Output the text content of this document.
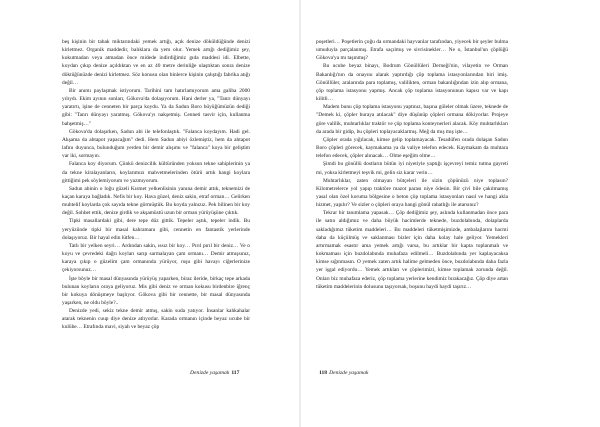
beş kişinin bir tabak miktarındaki yemek artığı, açık denize döküldüğünde denizi kirletmez. Organik maddedir, balıklara da yem olur. Yemek artığı dediğimiz şey, kokutmadan veya atmadan önce midede indirdiğimiz gıda maddesi idi. Elbette, koydan çıkıp denize açıldıktan ve en az 40 metre derinliğe ulaştıktan sonra denize döktüğünüzde denizi kirletmez. Söz konusu olan binlerce kişinin çalıştığı fabrika atığı değil…

Bir anımı paylaşmak istiyorum. Tarihini tam hatırlamıyorum ama galiba 2000 yılıydı. Ekim ayının sonları, Gökova'da dolaşıyorum. Hani derler ya, "Tanrı dünyayı yaratırtı, işine de cenneten bir parça koydu. Ya da Sadun Boro büyüğümüzün dediği gibi: "Tanrı dünyayı yaratmış. Gökova'yı nakşetmiş. Cenneti tasvir için, kullanma bahşetmiş…"

Gökova'da dolaşırken, Sadun abi ile telefonlaştık. "Falanca koydayım. Hadi gel. Akşama da abtapot yapacağım" dedi. Hem Sadun abiyi özlemiştiz, hem da ahtapot lafını duyunca, bulunduğum yerden bir demir alışımı ve "falanca" koya bir geliştim var iki, sormayın.

Falanca koy diyorum. Çünkü denizcilik kültüründen yoksun tekne sahiplerinin ya da tekne kiralayanların, koylarımızı mahvetmelerinden ötürü artık hangi koylara gittiğimi pek söylemiyorum ve yazmıyorum.

Sadun abinin o loğu güzeli Kısmet yelkenlisinin yanına demir attık, teknemizi de kaçan karaya bağladık. Nefis bir koy. Hava güzel, deniz sakin, etraf orman… Gelirken muhtelif koylarda çok sayıda tekne görmüştük. Bu koyda yalnızız. Pek bilinen bir koy değil. Sohbet ettik, denize girdik ve akşamüstü uzun bir orman yürüyüşüne çıktık.

Tipki masallardaki gibi, dere tepe düz gittik. Tepeler aştık, tepeler indik. Bu yeryüzünde tipki bir masal kahramanı gibi, cennetin en fantastik yerlerinde dolaşıyoruz. Bir hayal edin lütfen…

Tatlı bir yelken seyri… Ardından sakin, ıssız bir koy… Pırıl pırıl bir deniz… Ve o koyu ve çevredeki dağrı koyları sarıp sarmalayan çam ormanı… Demir atmışsınız, karaya çıkıp o güzelim çam ormanında yürüyor, ruşu gibi havayı ciğerlerinize çekiyorsunuz…

İşte böyle bir masal dünyasında yürüyüş yaparken, biraz ileride, birkaç tepe arkada bulunan koyların oraya geliyoruz. Mis gibi deniz ve orman kokusu birdenbire iğrenç bir kokuya dönüşmeye başlıyor. Gökova gibi bir cennette, bir masal dünyasında yaşarken, ne oldu böyle?..

Denizde yedi, sekiz tekne demir atmış, sakin suda yatıyor. İnsanlar kahkahalar atarak teknenin cuup diye denize atlıyorlar. Karada ormanın içinde beyaz ucube bir kulübe… Etrafında mavi, siyah ve beyaz çöp

Denizde yaşamak 117

poşetleri… Poşetlerin çoğu da ormandaki hayvanlar tarafından, yiyecek bir şeyler bulma umuduyla parçalanmış. Etrafa saçılmış ve sivrisinekler… Ne o, İstanbul'un çöplüğü Gökova'ya mı taşınmış?

Bu ucube beyaz binayı, Bodrum Gönüllüleri Derneği'nin, vilayetin ve Orman Bakanlığı'nın da onayını alarak yaptırdığı çöp toplama istasyonlarından biri imiş. Gönüllüler, aralarında para toplamış, valilikten, orman bakanlığından izin alıp ormana, çöp toplama istasyonu yapmış. Ancak çöp toplama istasyonunun kapısı var ve kapı kilitli…

Madem bunu çöp toplama istasyonu yaptınız, başına güleler olmak üzere, teknede de "Demek ki, çöpler buraya atılacak" diye düşünüp çöpleri ormana dökiyorlar. Projeye göre valilik, muhtarlıklar traktör ve çöp toplama konteynerleri alacak. Köy muhtarlıkları da arada bir gidip, bu çöpleri toplayacaklarmış. Meğ da mış mış işte…

Çöpler orada yığılacak, kimse gelip toplamayacak. Tesadüfen orada dolaşan Sadun Boro çöpleri görecek, kaymakama ya da valiye telefon edecek. Kaymakam da muhtara telefon edecek, çöpler alınacak… Olme eşeğim olme…

Şimdi bu gönüllü dostların bütün iyi niyetiyle yaptığı işçevreyi temiz tutma gayreti mi, yoksa kirletmeyi teşvik mi, gelin siz karar verin…

Muhtarlıklar, zaten olmayan bütçeleri ile sizin çöpünüzü niye toplasın? Kilometrelerce yol yapıp traktöre mazot parası niye ödesin. Bir çivi bile çakılmamış yasal olan özel koruma bölgesine o beton çöp toplama istasyonları nasıl ve hangi akla hizmet, yapılır? Ve sizler o çöpleri oraya hangi gönül rahatlığı ile atarsınız?

Tekrar bir tanımlama yapasak… Çöp dediğimiz şey, aslında kullanmadan önce para ile satın aldığımız ve daha büyük hacimlerde teknede, buzdolabında, dolaplarda sakladığımız tüketim maddeleri… Bu maddeleri tüketmişimizde, ambalajlarını hacmi daha da küçülmüş ve saklanması bizler için daha kolay hale geliyor. Yemekleri artırmamak esastır ama yemek artığı varsa, bu artıklar bir kapta toplanmalı ve kokmaması için buzdolabında muhafaza edilmeli… Buzdolabında yer kaplayacaksa kimse sığınmasın. O yemek zaten artık halime gelmeden önce, buzdolabında daha fazla yer işgal ediyordu… Yemek artıkları ve çöplerimizi, kimse toplamak zorunda değil. Onları biz muhafaza ederiz, çöp toplama yerlerine kendimiz bırakacağız. Çöp diye artan tüketim maddelerinin dolusunu taşıyorsak, boşunu haydi haydi taşırız…

118 Denizde yaşamak
